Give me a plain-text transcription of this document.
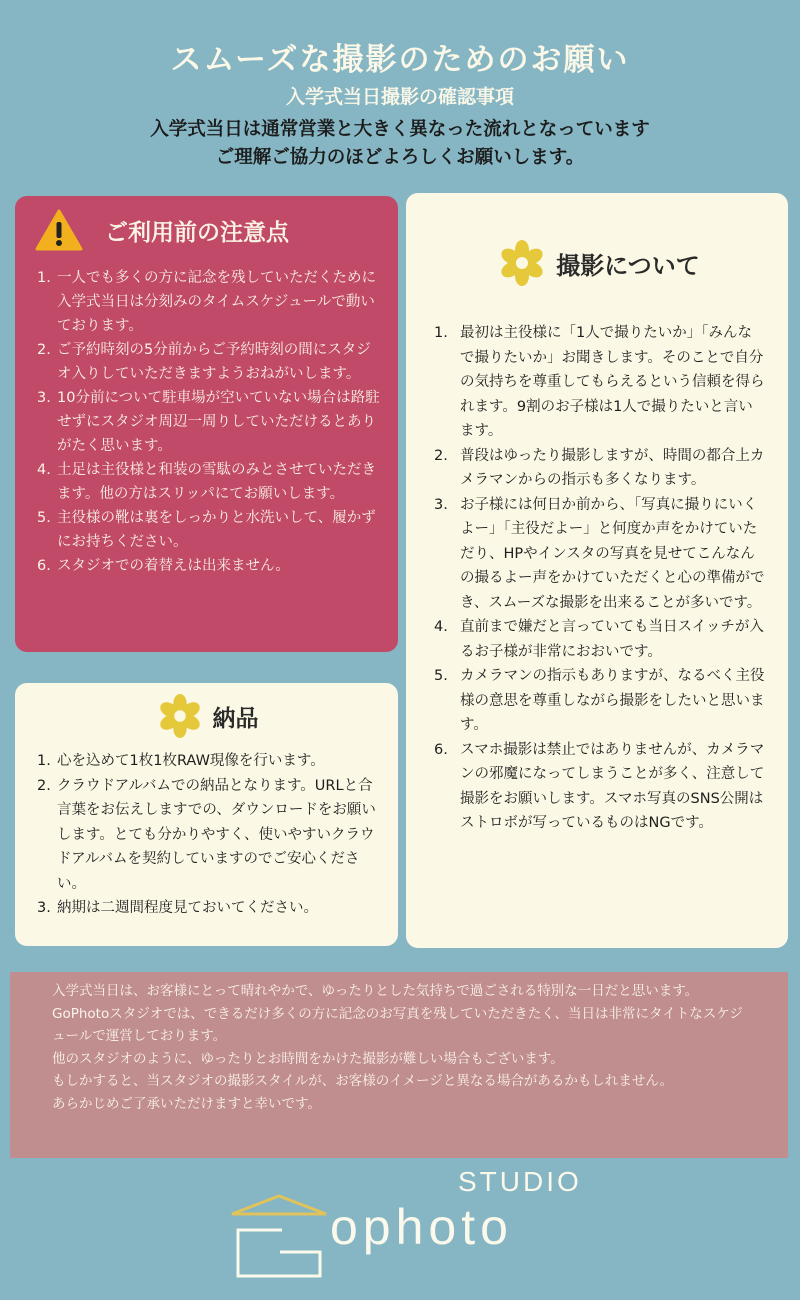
スムーズな撮影のためのお願い
入学式当日撮影の確認事項
入学式当日は通常営業と大きく異なった流れとなっています
ご理解ご協力のほどよろしくお願いします。
ご利用前の注意点
一人でも多くの方に記念を残していただくために入学式当日は分刻みのタイムスケジュールで動いております。
ご予約時刻の5分前からご予約時刻の間にスタジオ入りしていただきますようおねがいします。
10分前について駐車場が空いていない場合は路駐せずにスタジオ周辺一周りしていただけるとありがたく思います。
土足は主役様と和装の雪駄のみとさせていただきます。他の方はスリッパにてお願いします。
主役様の靴は裏をしっかりと水洗いして、履かずにお持ちください。
スタジオでの着替えは出来ません。
撮影について
最初は主役様に「1人で撮りたいか」「みんなで撮りたいか」お聞きします。そのことで自分の気持ちを尊重してもらえるという信頼を得られます。9割のお子様は1人で撮りたいと言います。
普段はゆったり撮影しますが、時間の都合上カメラマンからの指示も多くなります。
お子様には何日か前から、「写真に撮りにいくよー」「主役だよー」と何度か声をかけていただり、HPやインスタの写真を見せてこんなんの撮るよー声をかけていただくと心の準備ができ、スムーズな撮影を出来ることが多いです。
直前まで嫌だと言っていても当日スイッチが入るお子様が非常におおいです。
カメラマンの指示もありますが、なるべく主役様の意思を尊重しながら撮影をしたいと思います。
スマホ撮影は禁止ではありませんが、カメラマンの邪魔になってしまうことが多く、注意して撮影をお願いします。スマホ写真のSNS公開はストロボが写っているものはNGです。
納品
心を込めて1枚1枚RAW現像を行います。
クラウドアルバムでの納品となります。URLと合言葉をお伝えしますでの、ダウンロードをお願いします。とても分かりやすく、使いやすいクラウドアルバムを契約していますのでご安心ください。
納期は二週間程度見ておいてください。

入学式当日は、お客様にとって晴れやかで、ゆったりとした気持ちで過ごされる特別な一日だと思います。

GoPhotoスタジオでは、できるだけ多くの方に記念のお写真を残していただきたく、当日は非常にタイトなスケジュールで運営しております。

他のスタジオのように、ゆったりとお時間をかけた撮影が難しい場合もございます。

もしかすると、当スタジオの撮影スタイルが、お客様のイメージと異なる場合があるかもしれません。

あらかじめご了承いただけますと幸いです。

STUDIO
ophoto
